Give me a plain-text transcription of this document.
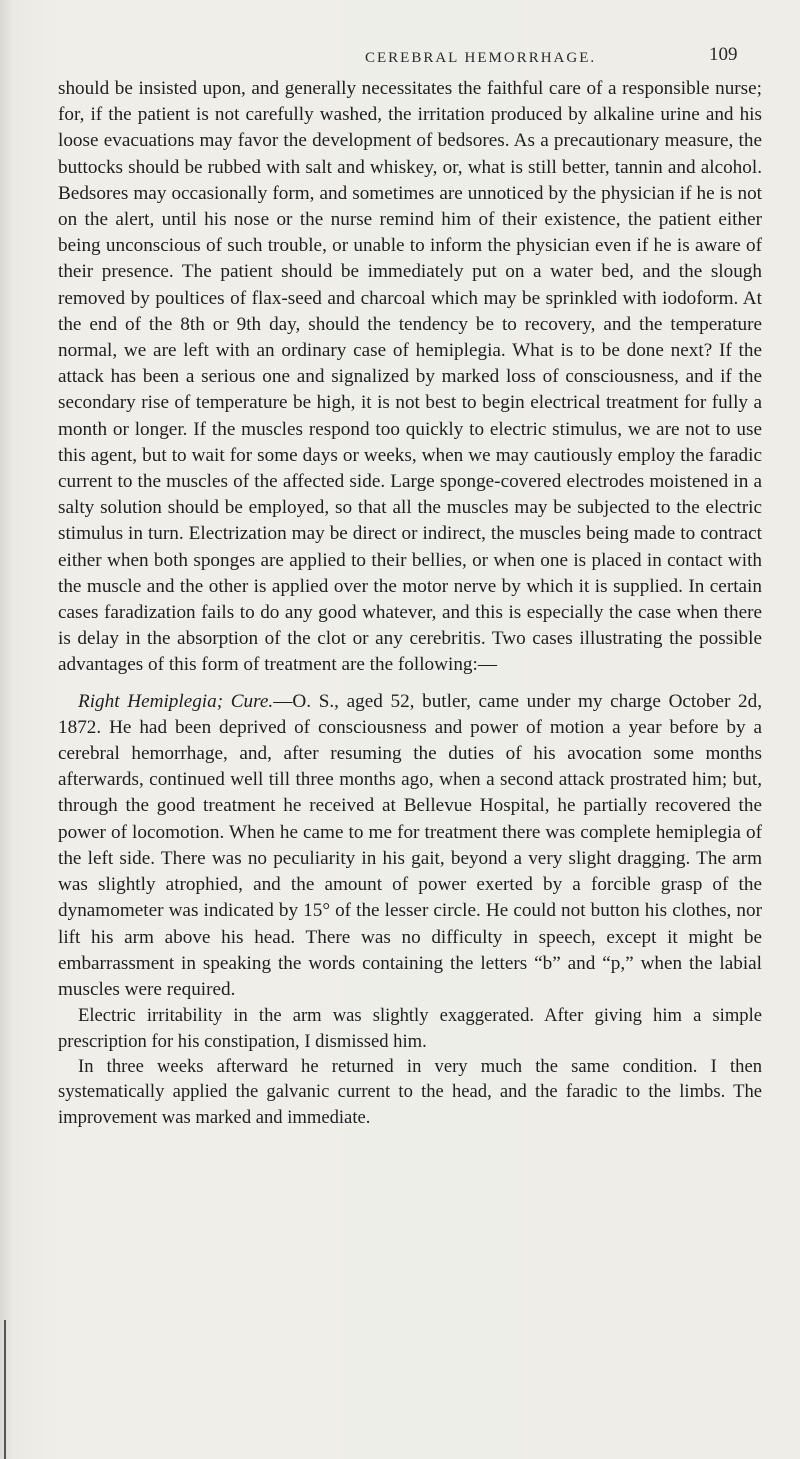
CEREBRAL HEMORRHAGE.	109

should be insisted upon, and generally necessitates the faithful care of a responsible nurse; for, if the patient is not carefully washed, the irritation produced by alkaline urine and his loose evacuations may favor the development of bedsores. As a precautionary measure, the buttocks should be rubbed with salt and whiskey, or, what is still better, tannin and alcohol. Bedsores may occasionally form, and sometimes are unnoticed by the physician if he is not on the alert, until his nose or the nurse remind him of their existence, the patient either being unconscious of such trouble, or unable to inform the physician even if he is aware of their presence. The patient should be immediately put on a water bed, and the slough removed by poultices of flax-seed and charcoal which may be sprinkled with iodoform. At the end of the 8th or 9th day, should the tendency be to recovery, and the temperature normal, we are left with an ordinary case of hemiplegia. What is to be done next? If the attack has been a serious one and signalized by marked loss of consciousness, and if the secondary rise of temperature be high, it is not best to begin electrical treatment for fully a month or longer. If the muscles respond too quickly to electric stimulus, we are not to use this agent, but to wait for some days or weeks, when we may cautiously employ the faradic current to the muscles of the affected side. Large sponge-covered electrodes moistened in a salty solution should be employed, so that all the muscles may be subjected to the electric stimulus in turn. Electrization may be direct or indirect, the muscles being made to contract either when both sponges are applied to their bellies, or when one is placed in contact with the muscle and the other is applied over the motor nerve by which it is supplied. In certain cases faradization fails to do any good whatever, and this is especially the case when there is delay in the absorption of the clot or any cerebritis. Two cases illustrating the possible advantages of this form of treatment are the following:—

Right Hemiplegia; Cure.—O. S., aged 52, butler, came under my charge October 2d, 1872. He had been deprived of consciousness and power of motion a year before by a cerebral hemorrhage, and, after resuming the duties of his avocation some months afterwards, continued well till three months ago, when a second attack prostrated him; but, through the good treatment he received at Bellevue Hospital, he partially recovered the power of locomotion. When he came to me for treatment there was complete hemiplegia of the left side. There was no peculiarity in his gait, beyond a very slight dragging. The arm was slightly atrophied, and the amount of power exerted by a forcible grasp of the dynamometer was indicated by 15° of the lesser circle. He could not button his clothes, nor lift his arm above his head. There was no difficulty in speech, except it might be embarrassment in speaking the words containing the letters “b” and “p,” when the labial muscles were required.

Electric irritability in the arm was slightly exaggerated. After giving him a simple prescription for his constipation, I dismissed him.

In three weeks afterward he returned in very much the same condition. I then systematically applied the galvanic current to the head, and the faradic to the limbs. The improvement was marked and immediate.
